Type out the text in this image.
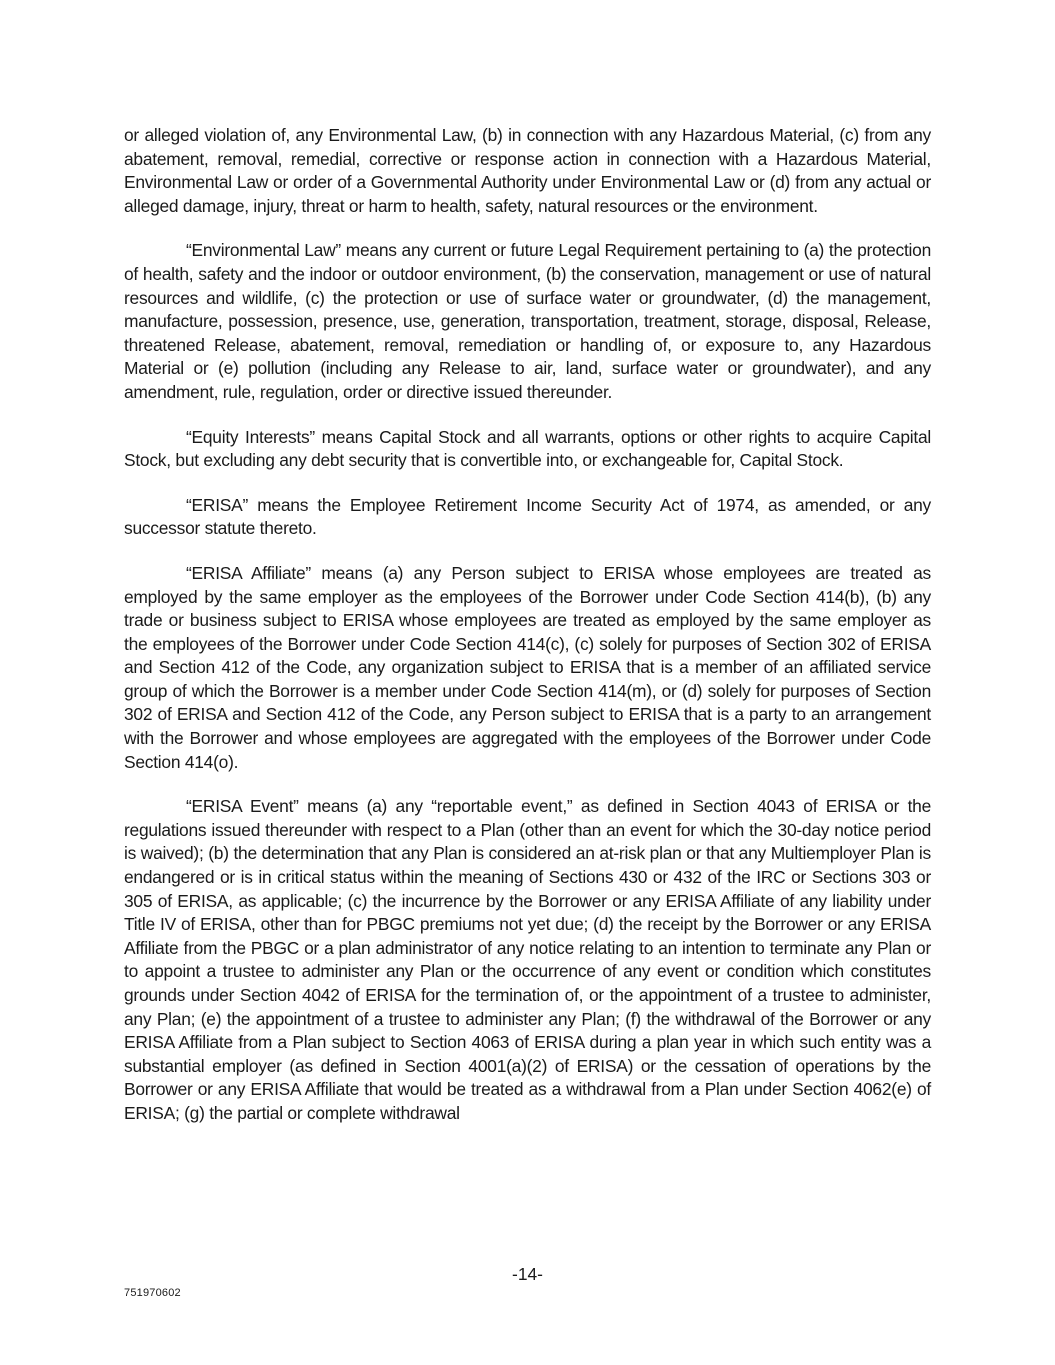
or alleged violation of, any Environmental Law, (b) in connection with any Hazardous Material, (c) from any abatement, removal, remedial, corrective or response action in connection with a Hazardous Material, Environmental Law or order of a Governmental Authority under Environmental Law or (d) from any actual or alleged damage, injury, threat or harm to health, safety, natural resources or the environment.

“Environmental Law” means any current or future Legal Requirement pertaining to (a) the protection of health, safety and the indoor or outdoor environment, (b) the conservation, management or use of natural resources and wildlife, (c) the protection or use of surface water or groundwater, (d) the management, manufacture, possession, presence, use, generation, transportation, treatment, storage, disposal, Release, threatened Release, abatement, removal, remediation or handling of, or exposure to, any Hazardous Material or (e) pollution (including any Release to air, land, surface water or groundwater), and any amendment, rule, regulation, order or directive issued thereunder.

“Equity Interests” means Capital Stock and all warrants, options or other rights to acquire Capital Stock, but excluding any debt security that is convertible into, or exchangeable for, Capital Stock.

“ERISA” means the Employee Retirement Income Security Act of 1974, as amended, or any successor statute thereto.

“ERISA Affiliate” means (a) any Person subject to ERISA whose employees are treated as employed by the same employer as the employees of the Borrower under Code Section 414(b), (b) any trade or business subject to ERISA whose employees are treated as employed by the same employer as the employees of the Borrower under Code Section 414(c), (c) solely for purposes of Section 302 of ERISA and Section 412 of the Code, any organization subject to ERISA that is a member of an affiliated service group of which the Borrower is a member under Code Section 414(m), or (d) solely for purposes of Section 302 of ERISA and Section 412 of the Code, any Person subject to ERISA that is a party to an arrangement with the Borrower and whose employees are aggregated with the employees of the Borrower under Code Section 414(o).

“ERISA Event” means (a) any “reportable event,” as defined in Section 4043 of ERISA or the regulations issued thereunder with respect to a Plan (other than an event for which the 30-day notice period is waived); (b) the determination that any Plan is considered an at-risk plan or that any Multiemployer Plan is endangered or is in critical status within the meaning of Sections 430 or 432 of the IRC or Sections 303 or 305 of ERISA, as applicable; (c) the incurrence by the Borrower or any ERISA Affiliate of any liability under Title IV of ERISA, other than for PBGC premiums not yet due; (d) the receipt by the Borrower or any ERISA Affiliate from the PBGC or a plan administrator of any notice relating to an intention to terminate any Plan or to appoint a trustee to administer any Plan or the occurrence of any event or condition which constitutes grounds under Section 4042 of ERISA for the termination of, or the appointment of a trustee to administer, any Plan; (e) the appointment of a trustee to administer any Plan; (f) the withdrawal of the Borrower or any ERISA Affiliate from a Plan subject to Section 4063 of ERISA during a plan year in which such entity was a substantial employer (as defined in Section 4001(a)(2) of ERISA) or the cessation of operations by the Borrower or any ERISA Affiliate that would be treated as a withdrawal from a Plan under Section 4062(e) of ERISA; (g) the partial or complete withdrawal

-14-
751970602
